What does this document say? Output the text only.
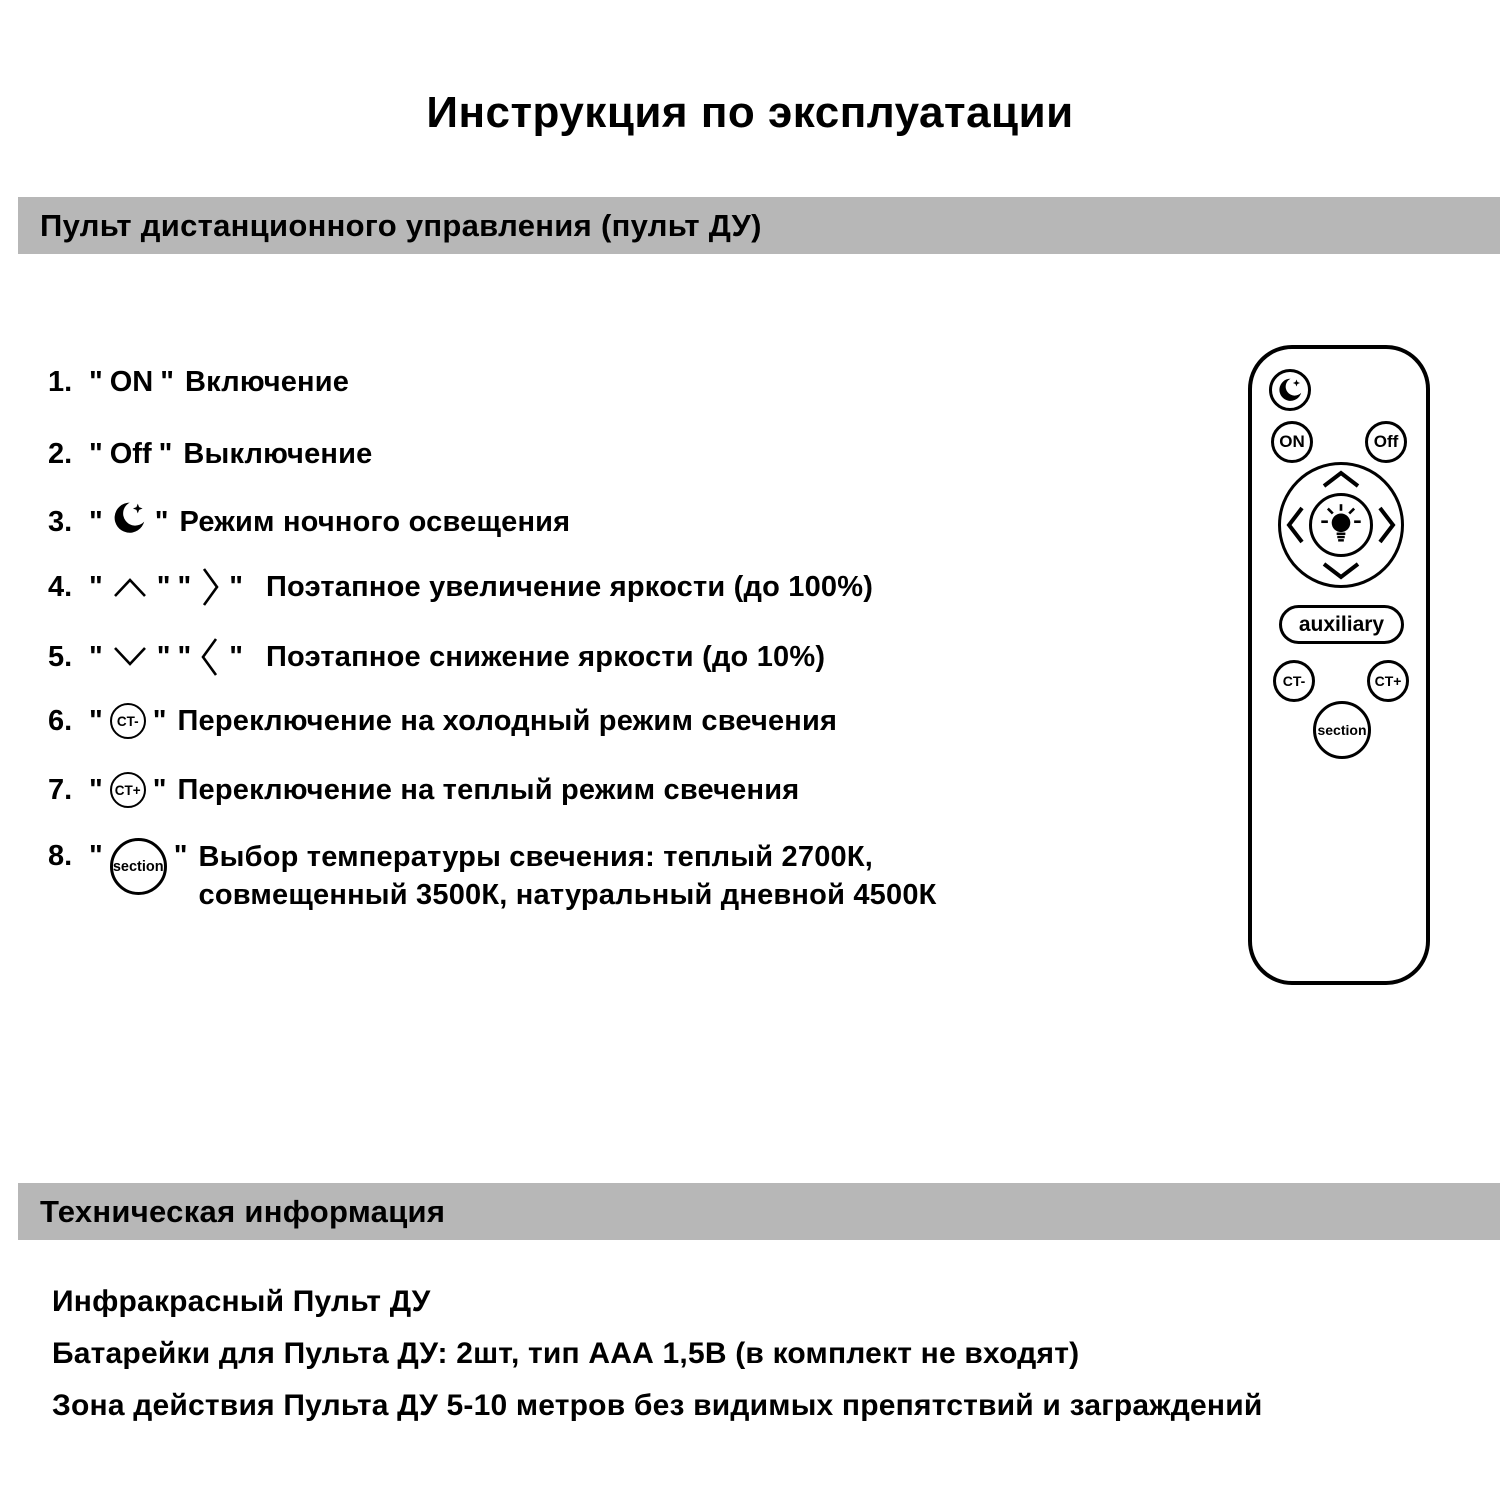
Инструкция по эксплуатации
Пульт дистанционного управления (пульт ДУ)
1. " ON " Включение
2. " Off " Выключение
3. " " Режим ночного освещения
4. " " " " Поэтапное увеличение яркости (до 100%)
5. " " " " Поэтапное снижение яркости (до 10%)
6. "	CT- " Переключение на холодный режим свечения
7. " CT+ " Переключение на теплый режим свечения
8. " section " Выбор температуры свечения: теплый 2700К,
совмещенный 3500К, натуральный дневной 4500К
ON	Off
auxiliary
CT-	CT+
section
Техническая информация
Инфракрасный Пульт ДУ
Батарейки для Пульта ДУ: 2шт, тип ААА 1,5В (в комплект не входят)
Зона действия Пульта ДУ 5-10 метров без видимых препятствий и заграждений
